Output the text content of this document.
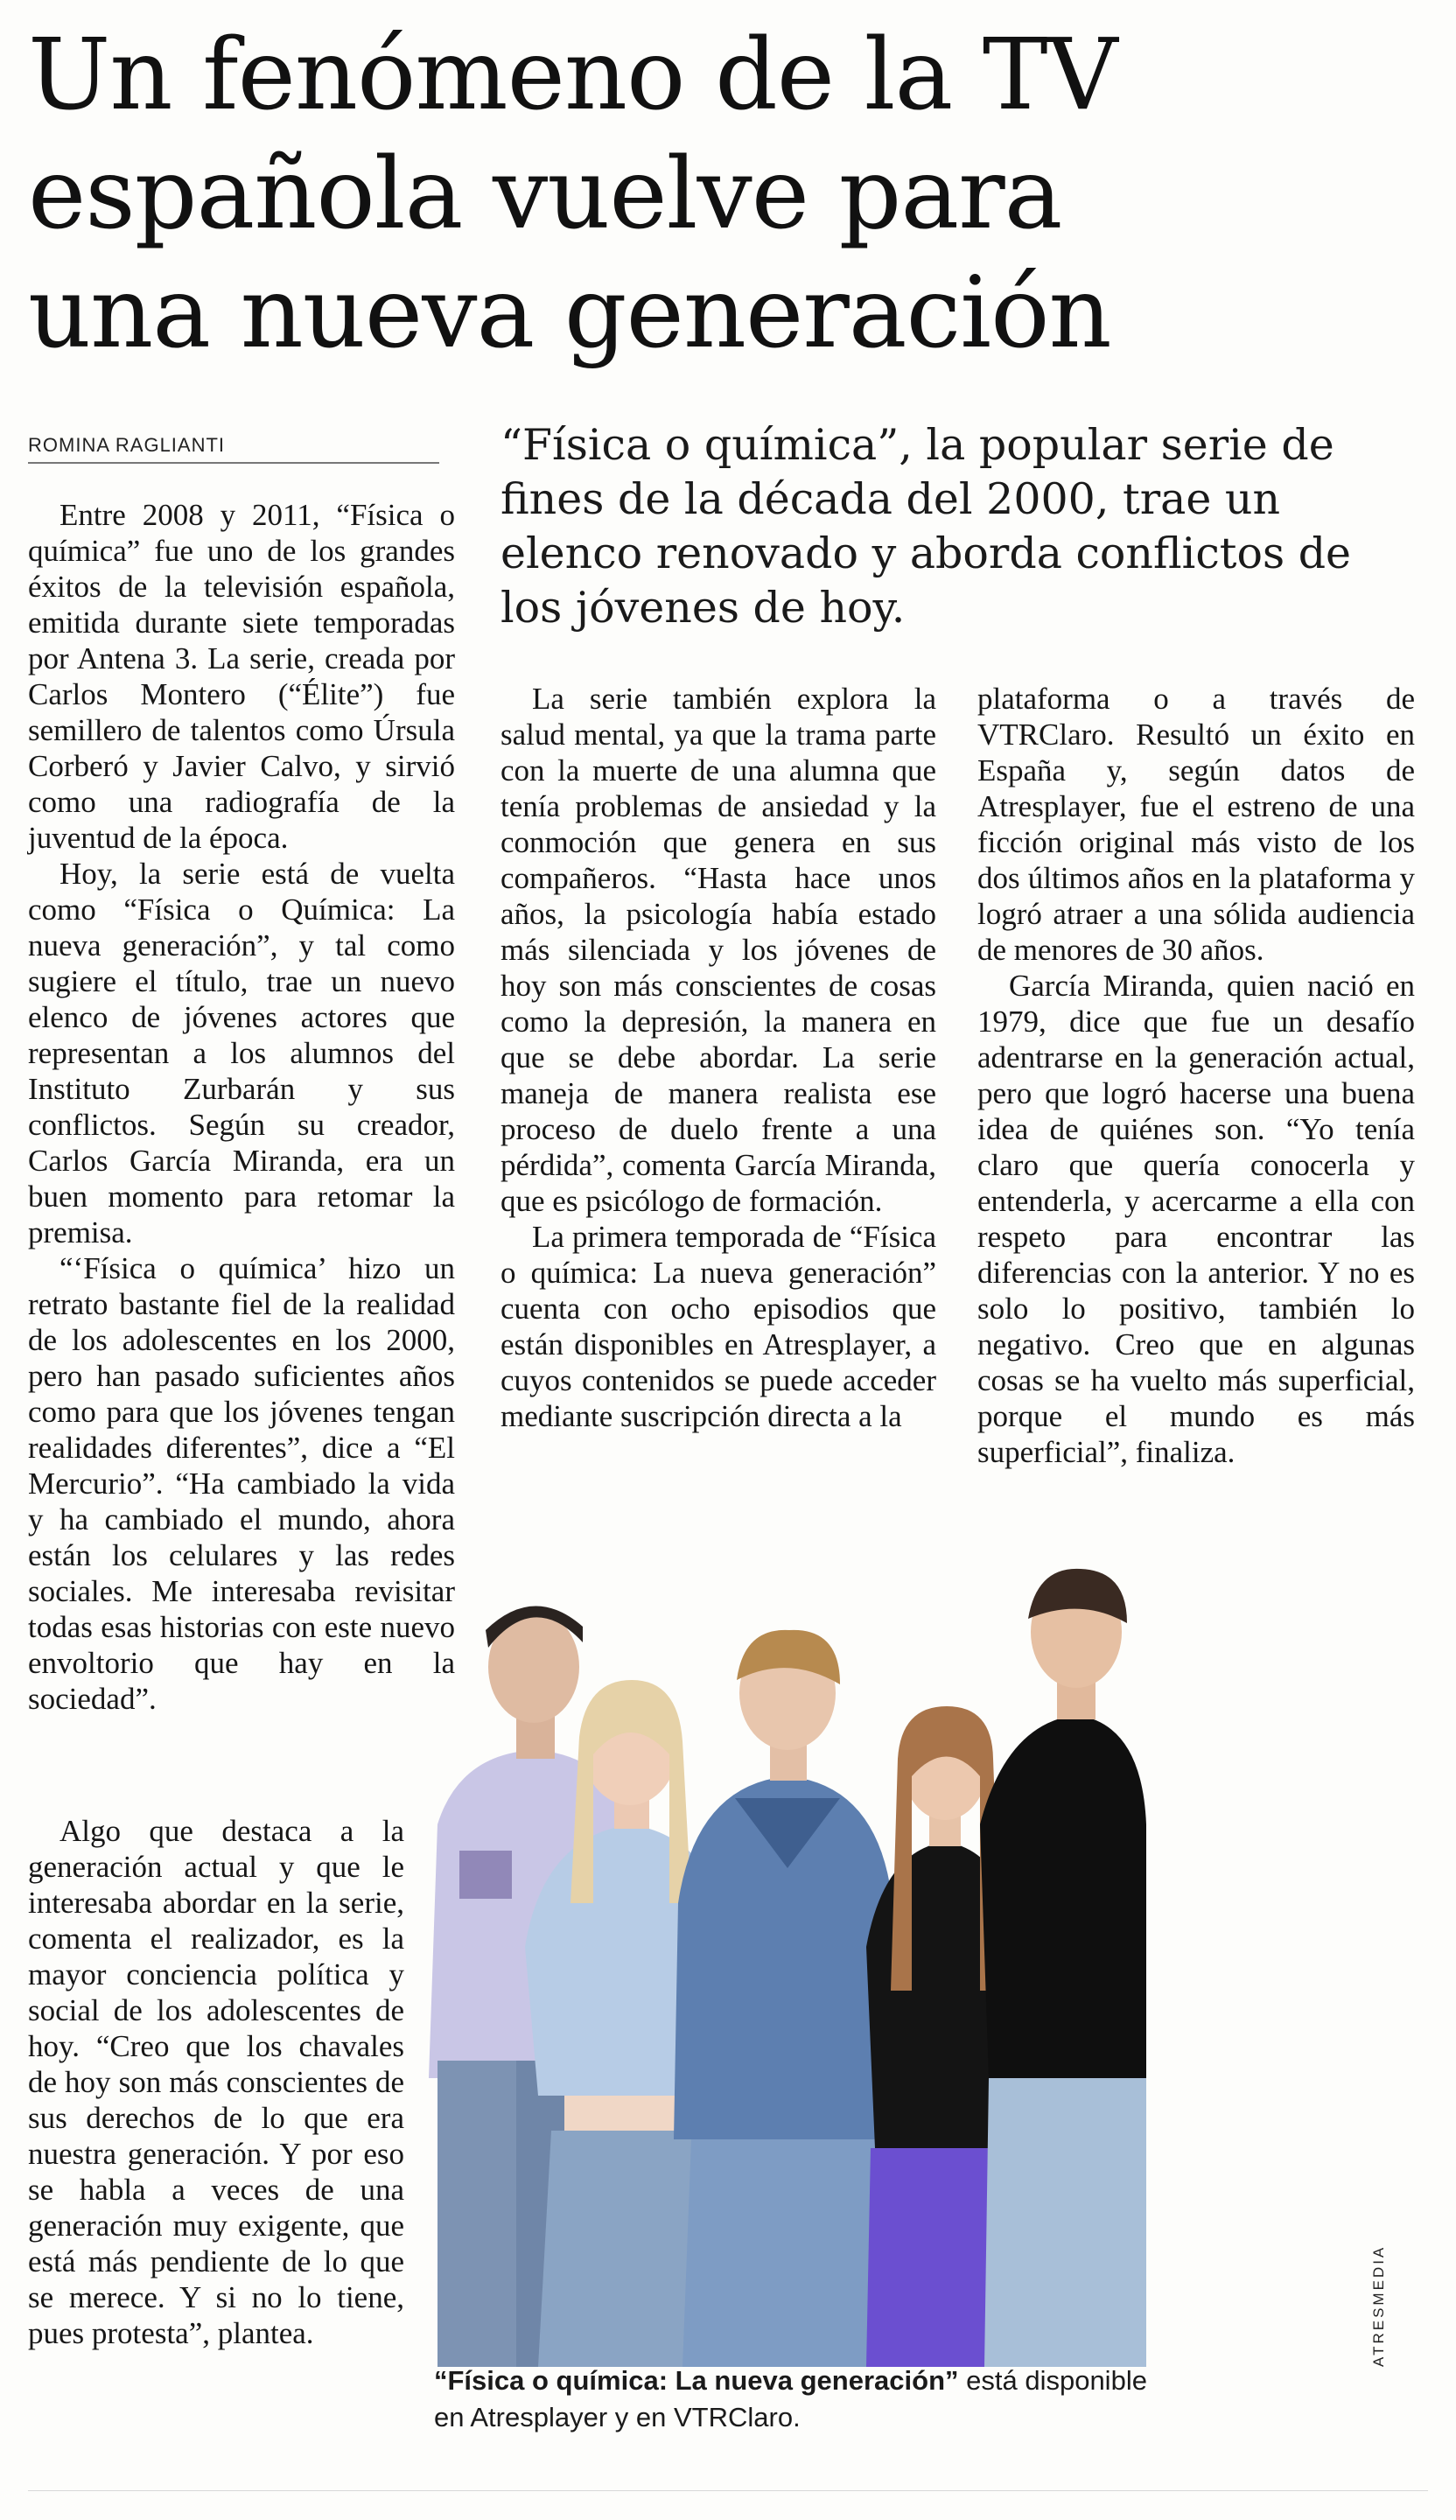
Un fenómeno de la TV
española vuelve para
una nueva generación
ROMINA RAGLIANTI	“Física o química”, la popular serie de
fines de la década del 2000, trae un
elenco renovado y aborda conflictos de
los jóvenes de hoy.

Entre 2008 y 2011, “Física o química” fue uno de los grandes éxitos de la televisión española, emitida durante siete temporadas por Antena 3. La serie, creada por Carlos Montero (“Élite”) fue semillero de talentos como Úrsula Corberó y Javier Calvo, y sirvió como una radiografía de la juventud de la época.

Hoy, la serie está de vuelta como “Física o Química: La nueva generación”, y tal como sugiere el título, trae un nuevo elenco de jóvenes actores que representan a los alumnos del Instituto Zurbarán y sus conflictos. Según su creador, Carlos García Miranda, era un buen momento para retomar la premisa.

“‘Física o química’ hizo un retrato bastante fiel de la realidad de los adolescentes en los 2000, pero han pasado suficientes años como para que los jóvenes tengan realidades diferentes”, dice a “El Mercurio”. “Ha cambiado la vida y ha cambiado el mundo, ahora están los celulares y las redes sociales. Me interesaba revisitar todas esas historias con este nuevo envoltorio que hay en la sociedad”.

Algo que destaca a la generación actual y que le interesaba abordar en la serie, comenta el realizador, es la mayor conciencia política y social de los adolescentes de hoy. “Creo que los chavales de hoy son más conscientes de sus derechos de lo que era nuestra generación. Y por eso se habla a veces de una generación muy exigente, que está más pendiente de lo que se merece. Y si no lo tiene, pues protesta”, plantea.

La serie también explora la salud mental, ya que la trama parte con la muerte de una alumna que tenía problemas de ansiedad y la conmoción que genera en sus compañeros. “Hasta hace unos años, la psicología había estado más silenciada y los jóvenes de hoy son más conscientes de cosas como la depresión, la manera en que se debe abordar. La serie maneja de manera realista ese proceso de duelo frente a una pérdida”, comenta García Miranda, que es psicólogo de formación.

La primera temporada de “Física o química: La nueva generación” cuenta con ocho episodios que están disponibles en Atresplayer, a cuyos contenidos se puede acceder mediante suscripción directa a la

plataforma o a través de VTRClaro. Resultó un éxito en España y, según datos de Atresplayer, fue el estreno de una ficción original más visto de los dos últimos años en la plataforma y logró atraer a una sólida audiencia de menores de 30 años.

García Miranda, quien nació en 1979, dice que fue un desafío adentrarse en la generación actual, pero que logró hacerse una buena idea de quiénes son. “Yo tenía claro que quería conocerla y entenderla, y acercarme a ella con respeto para encontrar las diferencias con la anterior. Y no es solo lo positivo, también lo negativo. Creo que en algunas cosas se ha vuelto más superficial, porque el mundo es más superficial”, finaliza.

ATRESMEDIA
“Física o química: La nueva generación” está disponible en Atresplayer y en VTRClaro.
